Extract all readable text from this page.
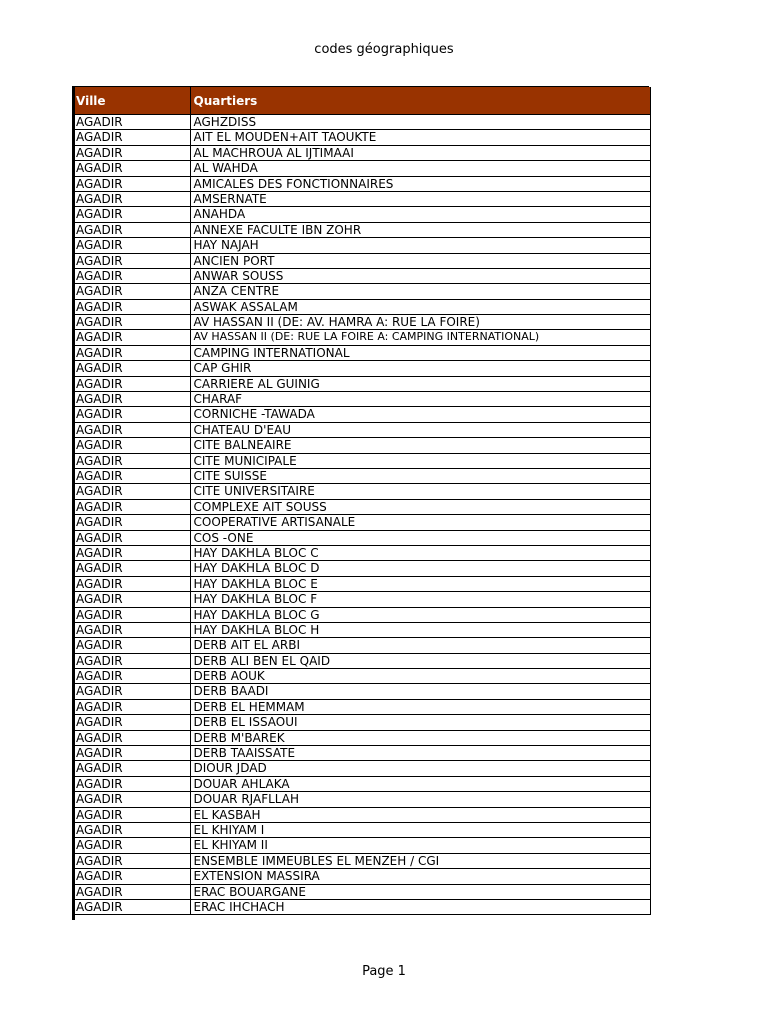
codes géographiques
Ville	Quartiers
AGADIR	AGHZDISS
AGADIR	AIT EL MOUDEN+AIT TAOUKTE
AGADIR	AL MACHROUA AL IJTIMAAI
AGADIR	AL WAHDA
AGADIR	AMICALES DES FONCTIONNAIRES
AGADIR	AMSERNATE
AGADIR	ANAHDA
AGADIR	ANNEXE FACULTE IBN ZOHR
AGADIR	HAY NAJAH
AGADIR	ANCIEN PORT
AGADIR	ANWAR SOUSS
AGADIR	ANZA CENTRE
AGADIR	ASWAK ASSALAM
AGADIR	AV HASSAN II (DE: AV. HAMRA A: RUE LA FOIRE)
AGADIR	AV HASSAN II (DE: RUE LA FOIRE A: CAMPING INTERNATIONAL)
AGADIR	CAMPING INTERNATIONAL
AGADIR	CAP GHIR
AGADIR	CARRIERE AL GUINIG
AGADIR	CHARAF
AGADIR	CORNICHE -TAWADA
AGADIR	CHATEAU D'EAU
AGADIR	CITE BALNEAIRE
AGADIR	CITE MUNICIPALE
AGADIR	CITE SUISSE
AGADIR	CITE UNIVERSITAIRE
AGADIR	COMPLEXE AIT SOUSS
AGADIR	COOPERATIVE ARTISANALE
AGADIR	COS -ONE
AGADIR	HAY DAKHLA BLOC C
AGADIR	HAY DAKHLA BLOC D
AGADIR	HAY DAKHLA BLOC E
AGADIR	HAY DAKHLA BLOC F
AGADIR	HAY DAKHLA BLOC G
AGADIR	HAY DAKHLA BLOC H
AGADIR	DERB AIT EL ARBI
AGADIR	DERB ALI BEN EL QAID
AGADIR	DERB AOUK
AGADIR	DERB BAADI
AGADIR	DERB EL HEMMAM
AGADIR	DERB EL ISSAOUI
AGADIR	DERB M'BAREK
AGADIR	DERB TAAISSATE
AGADIR	DIOUR JDAD
AGADIR	DOUAR AHLAKA
AGADIR	DOUAR RJAFLLAH
AGADIR	EL KASBAH
AGADIR	EL KHIYAM I
AGADIR	EL KHIYAM II
AGADIR	ENSEMBLE IMMEUBLES EL MENZEH / CGI
AGADIR	EXTENSION MASSIRA
AGADIR	ERAC BOUARGANE
AGADIR	ERAC IHCHACH
Page 1
